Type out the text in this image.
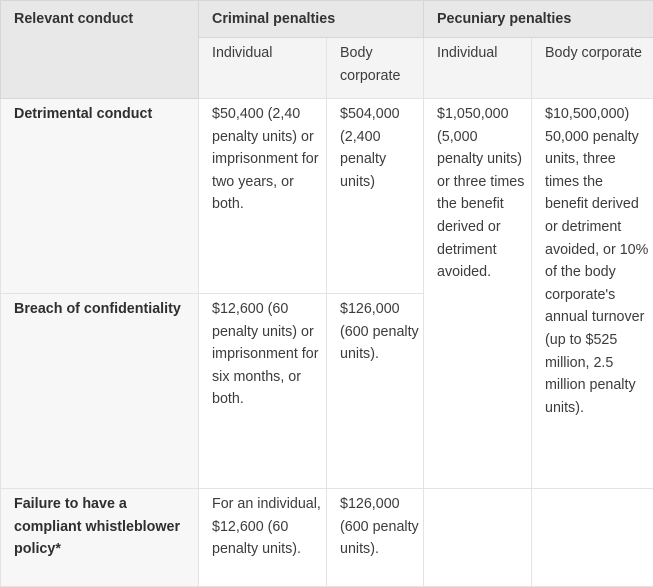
Relevant conduct	Criminal penalties		Pecuniary penalties	
	Individual	Body corporate	Individual	Body corporate
Detrimental conduct	$50,400 (2,40 penalty units) or imprisonment for two years, or both.	$504,000 (2,400 penalty units)	$1,050,000 (5,000 penalty units) or three times the benefit derived or detriment avoided.	$10,500,000) 50,000 penalty units, three times the benefit derived or detriment avoided, or 10% of the body corporate's annual turnover (up to $525 million, 2.5 million penalty units).
Breach of confidentiality	$12,600 (60 penalty units) or imprisonment for six months, or both.	$126,000 (600 penalty units).		
Failure to have a compliant whistleblower policy*	For an individual, $12,600 (60 penalty units).	$126,000 (600 penalty units).		
